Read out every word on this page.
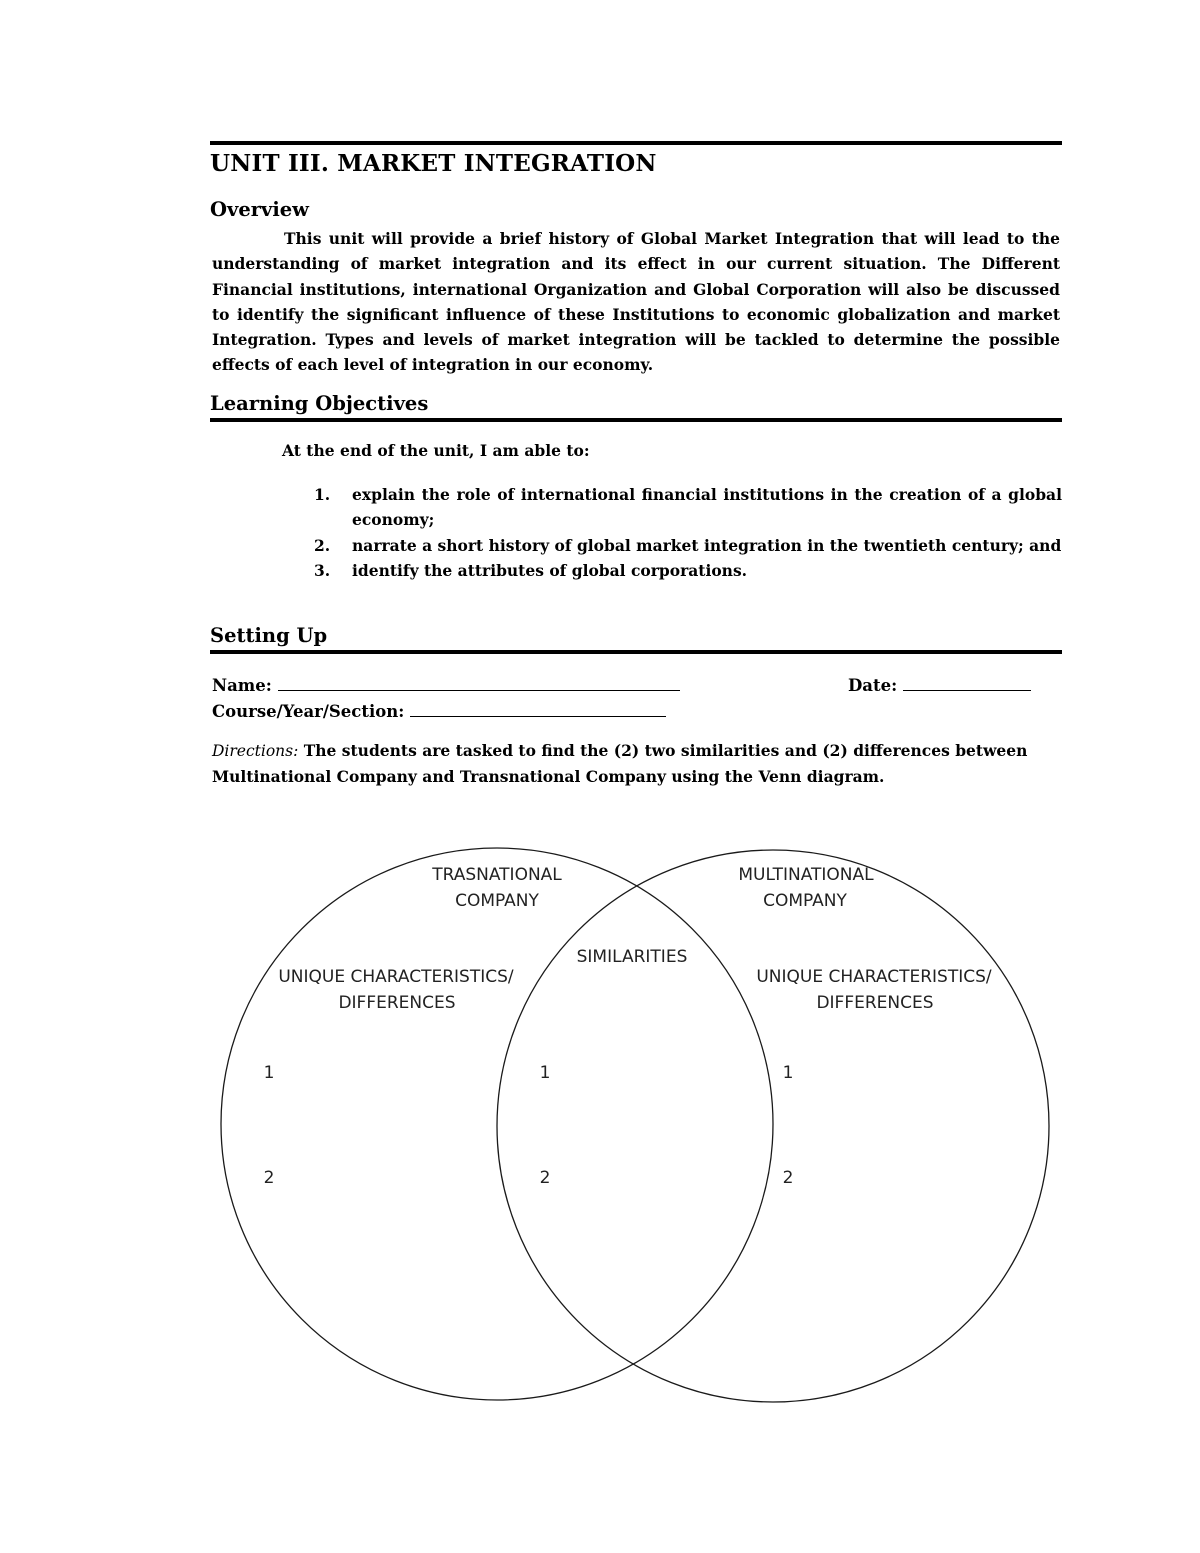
UNIT III. MARKET INTEGRATION
Overview
This unit will provide a brief history of Global Market Integration that will lead to the understanding of market integration and its effect in our current situation. The Different Financial institutions, international Organization and Global Corporation will also be discussed to identify the significant influence of these Institutions to economic globalization and market Integration. Types and levels of market integration will be tackled to determine the possible effects of each level of integration in our economy.
Learning Objectives
At the end of the unit, I am able to:
1. explain the role of international financial institutions in the creation of a global economy;
2. narrate a short history of global market integration in the twentieth century; and
3. identify the attributes of global corporations.
Setting Up
Name:	Date:
Course/Year/Section:
Directions: The students are tasked to find the (2) two similarities and (2) differences between Multinational Company and Transnational Company using the Venn diagram.
TRASNATIONAL
COMPANY
MULTINATIONAL
COMPANY
SIMILARITIES
UNIQUE CHARACTERISTICS/
DIFFERENCES
UNIQUE CHARACTERISTICS/
DIFFERENCES
1	1	1
2	2	2
